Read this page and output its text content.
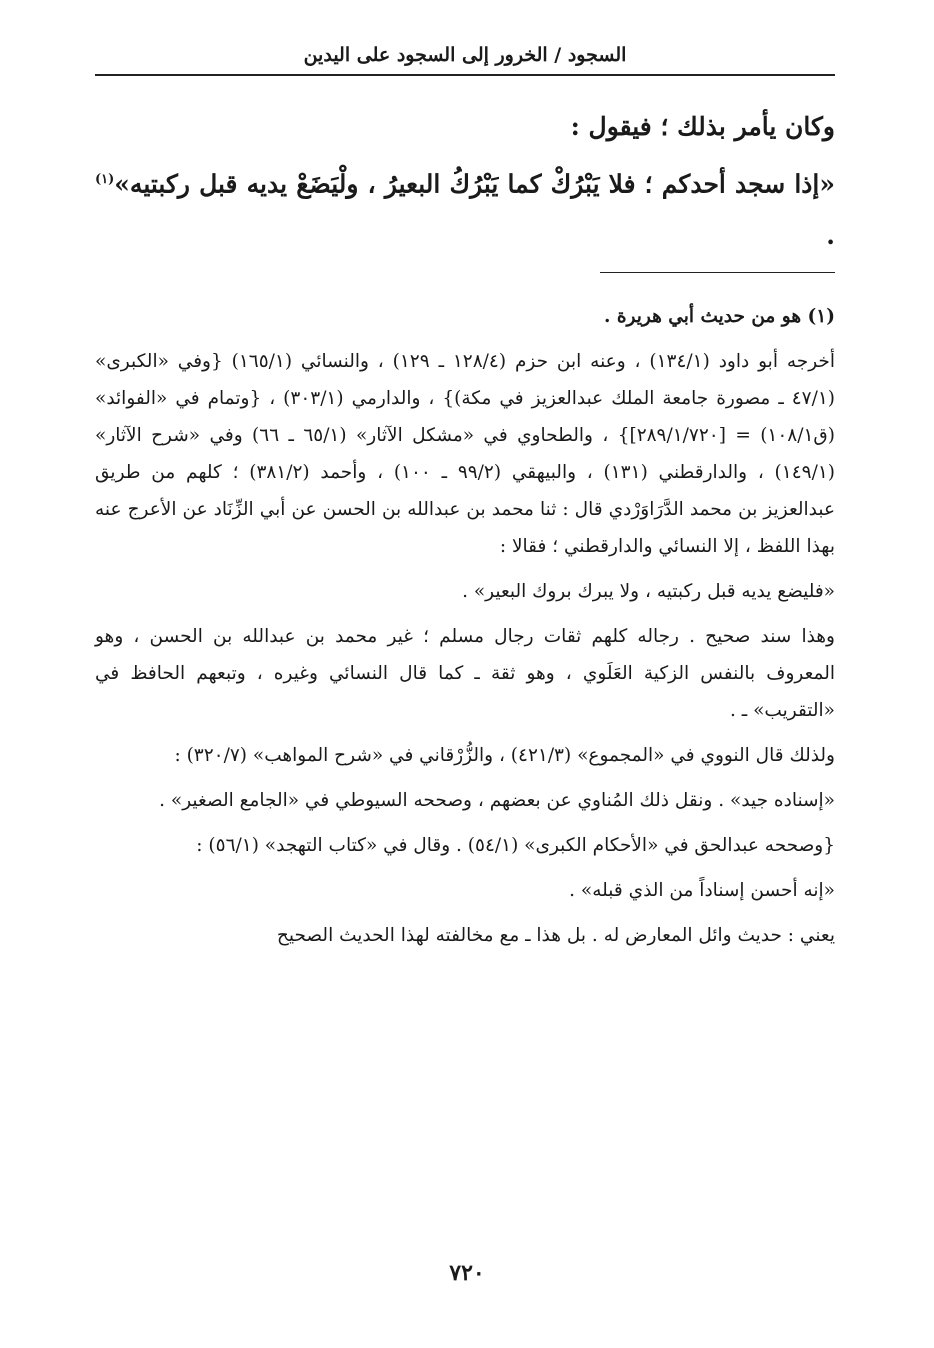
السجود / الخرور إلى السجود على اليدين

وكان يأمر بذلك ؛ فيقول :

«إذا سجد أحدكم ؛ فلا يَبْرُكْ كما يَبْرُكُ البعيرُ ، ولْيَضَعْ يديه قبل ركبتيه»$^{(١)}$ .

(١) هو من حديث أبي هريرة .

أخرجه أبو داود (١٣٤/١) ، وعنه ابن حزم (١٢٨/٤ ـ ١٢٩) ، والنسائي (١٦٥/١) {وفي «الكبرى» (٤٧/١ ـ مصورة جامعة الملك عبدالعزيز في مكة)} ، والدارمي (٣٠٣/١) ، {وتمام في «الفوائد» (ق١٠٨/١) = [٢٨٩/١/٧٢٠]} ، والطحاوي في «مشكل الآثار» (٦٥/١ ـ ٦٦) وفي «شرح الآثار» (١٤٩/١) ، والدارقطني (١٣١) ، والبيهقي (٩٩/٢ ـ ١٠٠) ، وأحمد (٣٨١/٢) ؛ كلهم من طريق عبدالعزيز بن محمد الدَّرَاوَرْدي قال : ثنا محمد بن عبدالله بن الحسن عن أبي الزِّنَاد عن الأعرج عنه بهذا اللفظ ، إلا النسائي والدارقطني ؛ فقالا :

«فليضع يديه قبل ركبتيه ، ولا يبرك بروك البعير» .

وهذا سند صحيح . رجاله كلهم ثقات رجال مسلم ؛ غير محمد بن عبدالله بن الحسن ، وهو المعروف بالنفس الزكية العَلَوي ، وهو ثقة ـ كما قال النسائي وغيره ، وتبعهم الحافظ في «التقريب» ـ .

ولذلك قال النووي في «المجموع» (٤٢١/٣) ، والزُّرْقاني في «شرح المواهب» (٣٢٠/٧) :

«إسناده جيد» . ونقل ذلك المُناوي عن بعضهم ، وصححه السيوطي في «الجامع الصغير» .

{وصححه عبدالحق في «الأحكام الكبرى» (٥٤/١) . وقال في «كتاب التهجد» (٥٦/١) :

«إنه أحسن إسناداً من الذي قبله» .

يعني : حديث وائل المعارض له . بل هذا ـ مع مخالفته لهذا الحديث الصحيح

٧٢٠
